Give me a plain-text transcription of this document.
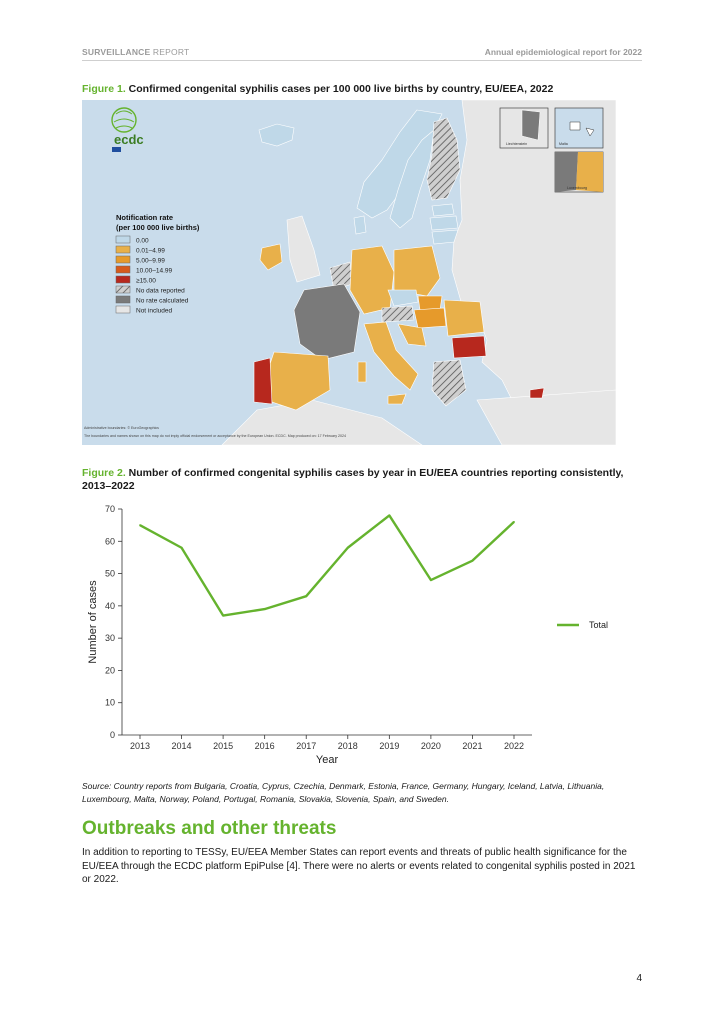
SURVEILLANCE REPORT	Annual epidemiological report for 2022
Figure 1. Confirmed congenital syphilis cases per 100 000 live births by country, EU/EEA, 2022
Liechtenstein	Malta
Luxembourg
ecdc
Notification rate
(per 100 000 live births)
0.00
0.01–4.99
5.00–9.99
10.00–14.99
≥15.00
No data reported
No rate calculated
Not included
Administrative boundaries: © EuroGeographics
The boundaries and names shown on this map do not imply official endorsement or acceptance by the European Union. ECDC. Map produced on: 17 February 2024
Figure 2. Number of confirmed congenital syphilis cases by year in EU/EEA countries reporting consistently, 2013–2022
0
10
20
30
40
50
60
70
2013 2014 2015 2016 2017 2018 2019 2020 2021 2022
Year
Number of cases	Total
Source: Country reports from Bulgaria, Croatia, Cyprus, Czechia, Denmark, Estonia, France, Germany, Hungary, Iceland, Latvia, Lithuania, Luxembourg, Malta, Norway, Poland, Portugal, Romania, Slovakia, Slovenia, Spain, and Sweden.
Outbreaks and other threats
In addition to reporting to TESSy, EU/EEA Member States can report events and threats of public health significance for the EU/EEA through the ECDC platform EpiPulse [4]. There were no alerts or events related to congenital syphilis posted in 2021 or 2022.
4
